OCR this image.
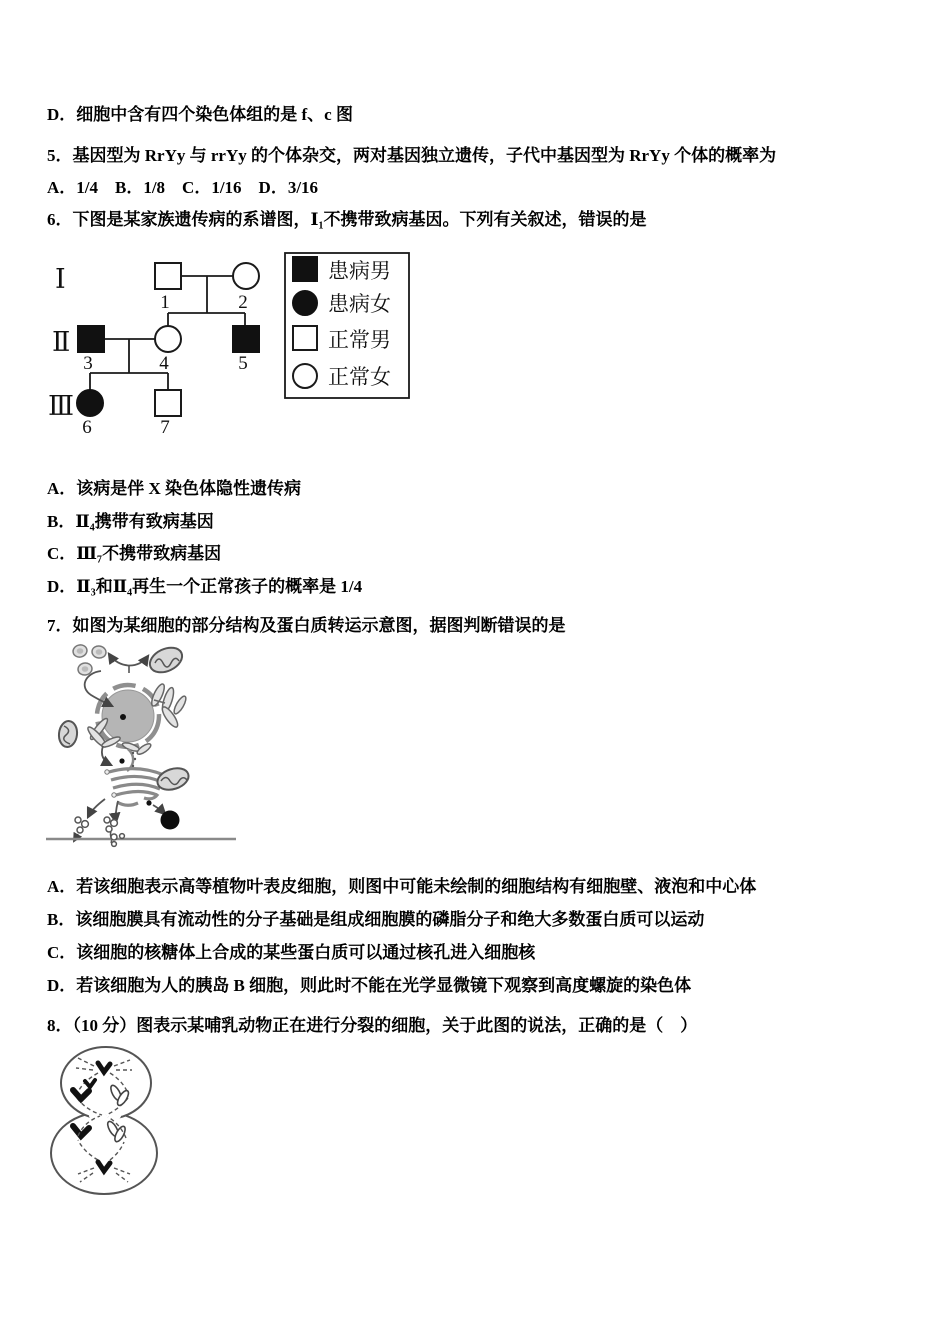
D．细胞中含有四个染色体组的是 f、c 图
5．基因型为 RrYy 与 rrYy 的个体杂交，两对基因独立遗传，子代中基因型为 RrYy 个体的概率为
A．1/4    B．1/8    C．1/16    D．3/16
6．下图是某家族遗传病的系谱图，Ⅰ₁不携带致病基因。下列有关叙述，错误的是
Ⅰ
Ⅱ
Ⅲ
1	2
3	4	5
6	7
患病男
患病女
正常男
正常女
A．该病是伴 X 染色体隐性遗传病
B．Ⅱ₄携带有致病基因
C．Ⅲ₇不携带致病基因
D．Ⅱ₃和Ⅱ₄再生一个正常孩子的概率是 1/4
7．如图为某细胞的部分结构及蛋白质转运示意图，据图判断错误的是
A．若该细胞表示高等植物叶表皮细胞，则图中可能未绘制的细胞结构有细胞壁、液泡和中心体
B．该细胞膜具有流动性的分子基础是组成细胞膜的磷脂分子和绝大多数蛋白质可以运动
C．该细胞的核糖体上合成的某些蛋白质可以通过核孔进入细胞核
D．若该细胞为人的胰岛 B 细胞，则此时不能在光学显微镜下观察到高度螺旋的染色体
8．（10 分）图表示某哺乳动物正在进行分裂的细胞，关于此图的说法，正确的是（　）
